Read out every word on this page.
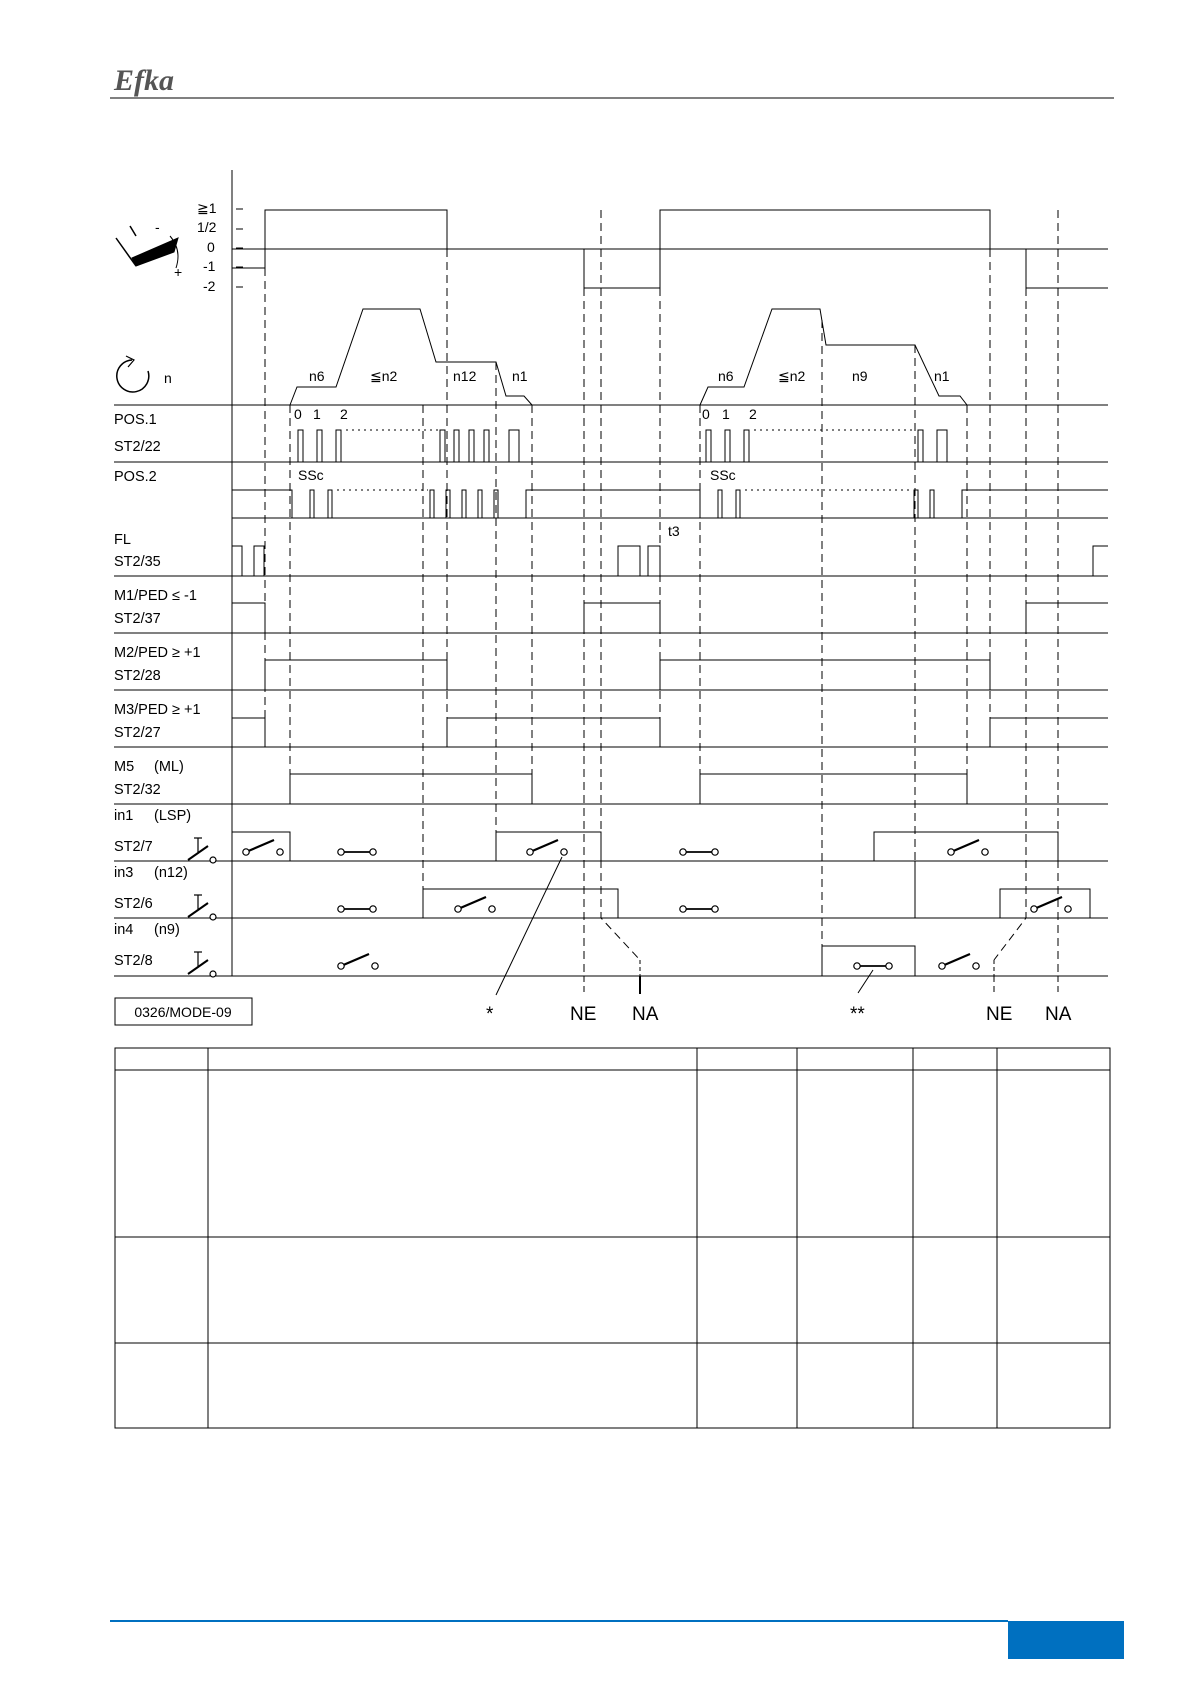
Efka
-
+
≧1
1/2
0
-1
-2
n	n6	≦n2	n12	n1	n6	≦n2	n9	n1
0 1 2	0 1 2
SSc	SSc
t3
POS.1
ST2/22
POS.2
FL
ST2/35
M1/PED ≤ -1
ST2/37
M2/PED ≥ +1
ST2/28
M3/PED ≥ +1
ST2/27
M5 (ML)
ST2/32
in1 (LSP)
ST2/7
in3 (n12)
ST2/6
in4 (n9)
ST2/8
*	NE NA	**	NE NA
0326/MODE-09
